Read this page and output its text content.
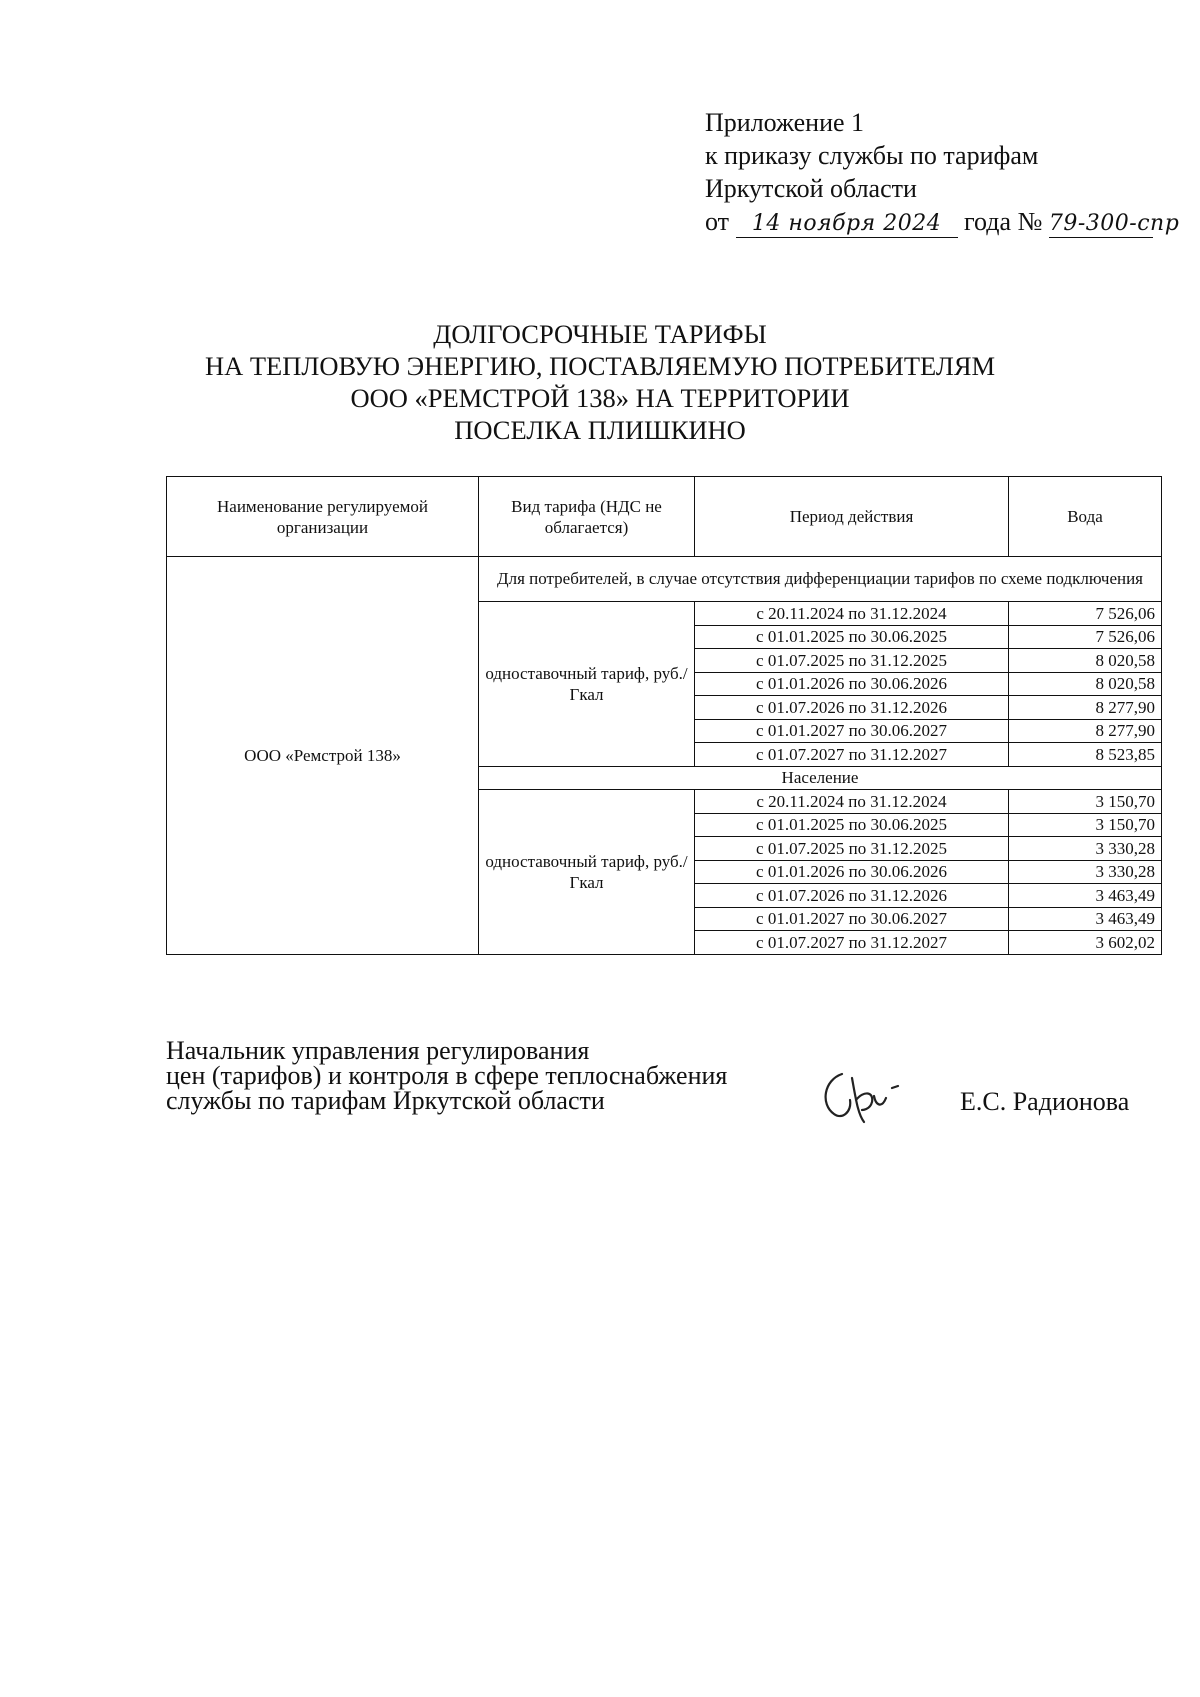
Приложение 1
к приказу службы по тарифам
Иркутской области
от 14 ноября 2024 года № 79-300-спр
ДОЛГОСРОЧНЫЕ ТАРИФЫ
НА ТЕПЛОВУЮ ЭНЕРГИЮ, ПОСТАВЛЯЕМУЮ ПОТРЕБИТЕЛЯМ
ООО «РЕМСТРОЙ 138» НА ТЕРРИТОРИИ
ПОСЕЛКА ПЛИШКИНО
Наименование регулируемой организации	Вид тарифа (НДС не облагается)	Период действия	Вода
ООО «Ремстрой 138»	Для потребителей, в случае отсутствия дифференциации тарифов по схеме подключения		
	одноставочный тариф, руб./Гкал	с 20.11.2024 по 31.12.2024	7 526,06
		с 01.01.2025 по 30.06.2025	7 526,06
		с 01.07.2025 по 31.12.2025	8 020,58
		с 01.01.2026 по 30.06.2026	8 020,58
		с 01.07.2026 по 31.12.2026	8 277,90
		с 01.01.2027 по 30.06.2027	8 277,90
		с 01.07.2027 по 31.12.2027	8 523,85
	Население		
	одноставочный тариф, руб./Гкал	с 20.11.2024 по 31.12.2024	3 150,70
		с 01.01.2025 по 30.06.2025	3 150,70
		с 01.07.2025 по 31.12.2025	3 330,28
		с 01.01.2026 по 30.06.2026	3 330,28
		с 01.07.2026 по 31.12.2026	3 463,49
		с 01.01.2027 по 30.06.2027	3 463,49
		с 01.07.2027 по 31.12.2027	3 602,02
Начальник управления регулирования
цен (тарифов) и контроля в сфере теплоснабжения
службы по тарифам Иркутской области	Е.С. Радионова
